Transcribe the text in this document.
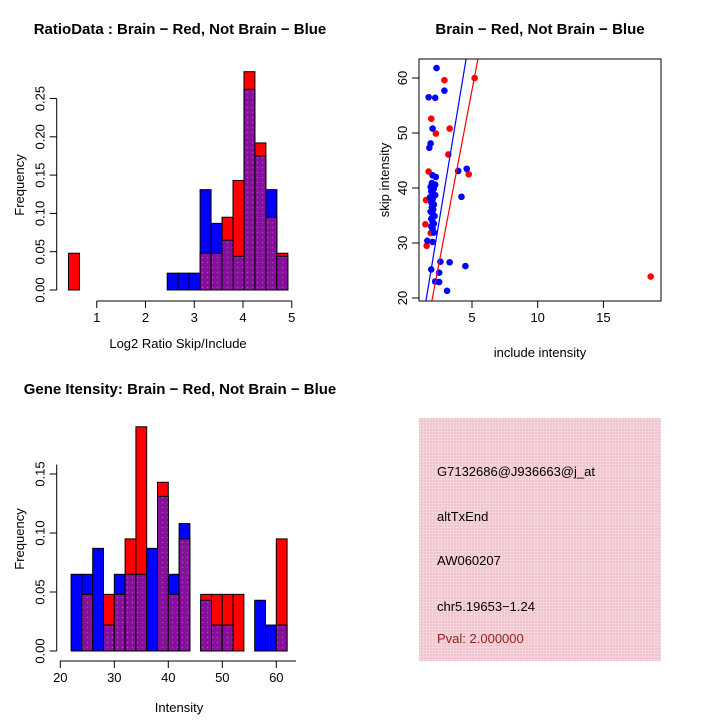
1	2	3	4	5
0.00
0.05
0.10
0.15
0.20
0.25
5	10	15
20
30
40
50
60
20	30	40	50	60
0.00
0.05
0.10
0.15
RatioData : Brain − Red, Not Brain − Blue	Brain − Red, Not Brain − Blue
Gene Itensity: Brain − Red, Not Brain − Blue
Log2 Ratio Skip/Include
Frequency
include intensity
skip intensity
Intensity
Frequency
G7132686@J936663@j_at
altTxEnd
AW060207
chr5.19653−1.24
Pval: 2.000000
